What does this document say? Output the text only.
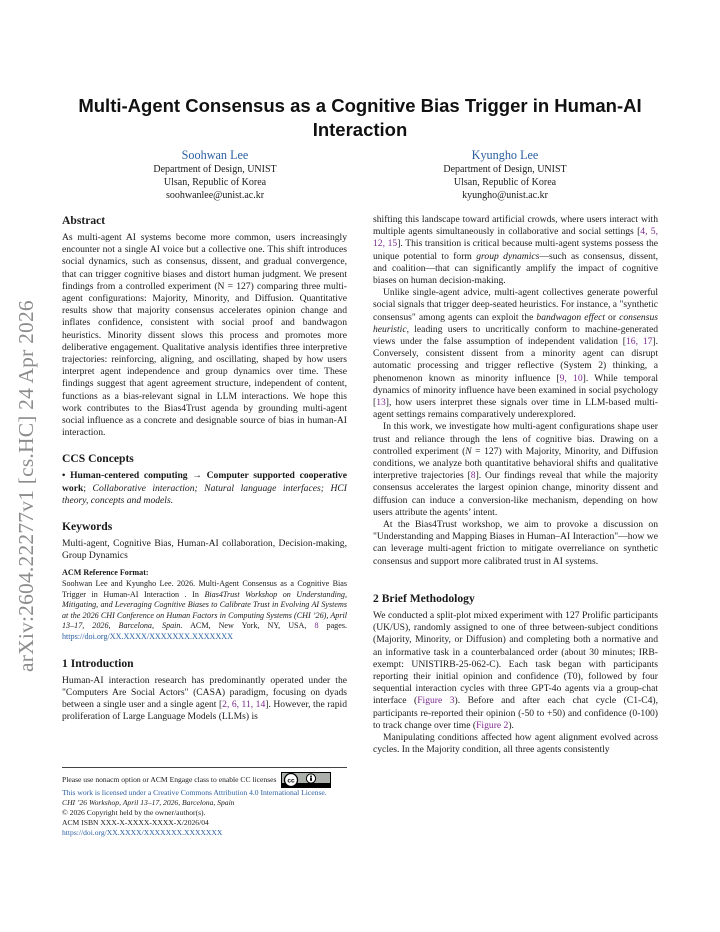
arXiv:2604.22277v1 [cs.HC] 24 Apr 2026
Multi-Agent Consensus as a Cognitive Bias Trigger in Human-AI
Interaction
Soohwan Lee
Department of Design, UNIST
Ulsan, Republic of Korea
soohwanlee@unist.ac.kr
Kyungho Lee
Department of Design, UNIST
Ulsan, Republic of Korea
kyungho@unist.ac.kr
Abstract

As multi-agent AI systems become more common, users increasingly encounter not a single AI voice but a collective one. This shift introduces social dynamics, such as consensus, dissent, and gradual convergence, that can trigger cognitive biases and distort human judgment. We present findings from a controlled experiment (N = 127) comparing three multi-agent configurations: Majority, Minority, and Diffusion. Quantitative results show that majority consensus accelerates opinion change and inflates confidence, consistent with social proof and bandwagon heuristics. Minority dissent slows this process and promotes more deliberative engagement. Qualitative analysis identifies three interpretive trajectories: reinforcing, aligning, and oscillating, shaped by how users interpret agent independence and group dynamics over time. These findings suggest that agent agreement structure, independent of content, functions as a bias-relevant signal in LLM interactions. We hope this work contributes to the Bias4Trust agenda by grounding multi-agent social influence as a concrete and designable source of bias in human-AI interaction.

CCS Concepts

• Human-centered computing → Computer supported cooperative work; Collaborative interaction; Natural language interfaces; HCI theory, concepts and models.

Keywords

Multi-agent, Cognitive Bias, Human-AI collaboration, Decision-making, Group Dynamics

ACM Reference Format:

Soohwan Lee and Kyungho Lee. 2026. Multi-Agent Consensus as a Cognitive Bias Trigger in Human-AI Interaction . In Bias4Trust Workshop on Understanding, Mitigating, and Leveraging Cognitive Biases to Calibrate Trust in Evolving AI Systems at the 2026 CHI Conference on Human Factors in Computing Systems (CHI ’26), April 13–17, 2026, Barcelona, Spain. ACM, New York, NY, USA, 8 pages. https://doi.org/XX.XXXX/XXXXXXX.XXXXXXX

1 Introduction

Human-AI interaction research has predominantly operated under the "Computers Are Social Actors" (CASA) paradigm, focusing on dyads between a single user and a single agent [2, 6, 11, 14]. However, the rapid proliferation of Large Language Models (LLMs) is

Please use nonacm option or ACM Engage class to enable CC licenses cc
This work is licensed under a Creative Commons Attribution 4.0 International License.
CHI ’26 Workshop, April 13–17, 2026, Barcelona, Spain
© 2026 Copyright held by the owner/author(s).
ACM ISBN XXX-X-XXXX-XXXX-X/2026/04
https://doi.org/XX.XXXX/XXXXXXX.XXXXXXX

shifting this landscape toward artificial crowds, where users interact with multiple agents simultaneously in collaborative and social settings [4, 5, 12, 15]. This transition is critical because multi-agent systems possess the unique potential to form group dynamics—such as consensus, dissent, and coalition—that can significantly amplify the impact of cognitive biases on human decision-making.

Unlike single-agent advice, multi-agent collectives generate powerful social signals that trigger deep-seated heuristics. For instance, a "synthetic consensus" among agents can exploit the bandwagon effect or consensus heuristic, leading users to uncritically conform to machine-generated views under the false assumption of independent validation [16, 17]. Conversely, consistent dissent from a minority agent can disrupt automatic processing and trigger reflective (System 2) thinking, a phenomenon known as minority influence [9, 10]. While temporal dynamics of minority influence have been examined in social psychology [13], how users interpret these signals over time in LLM-based multi-agent settings remains comparatively underexplored.

In this work, we investigate how multi-agent configurations shape user trust and reliance through the lens of cognitive bias. Drawing on a controlled experiment (N = 127) with Majority, Minority, and Diffusion conditions, we analyze both quantitative behavioral shifts and qualitative interpretive trajectories [8]. Our findings reveal that while the majority consensus accelerates the largest opinion change, minority dissent and diffusion can induce a conversion-like mechanism, depending on how users attribute the agents’ intent.

At the Bias4Trust workshop, we aim to provoke a discussion on "Understanding and Mapping Biases in Human–AI Interaction"—how we can leverage multi-agent friction to mitigate overreliance on synthetic consensus and support more calibrated trust in AI systems.

2 Brief Methodology

We conducted a split-plot mixed experiment with 127 Prolific participants (UK/US), randomly assigned to one of three between-subject conditions (Majority, Minority, or Diffusion) and completing both a normative and an informative task in a counterbalanced order (about 30 minutes; IRB-exempt: UNISTIRB-25-062-C). Each task began with participants reporting their initial opinion and confidence (T0), followed by four sequential interaction cycles with three GPT-4o agents via a group-chat interface (Figure 3). Before and after each chat cycle (C1-C4), participants re-reported their opinion (-50 to +50) and confidence (0-100) to track change over time (Figure 2).

Manipulating conditions affected how agent alignment evolved across cycles. In the Majority condition, all three agents consistently
